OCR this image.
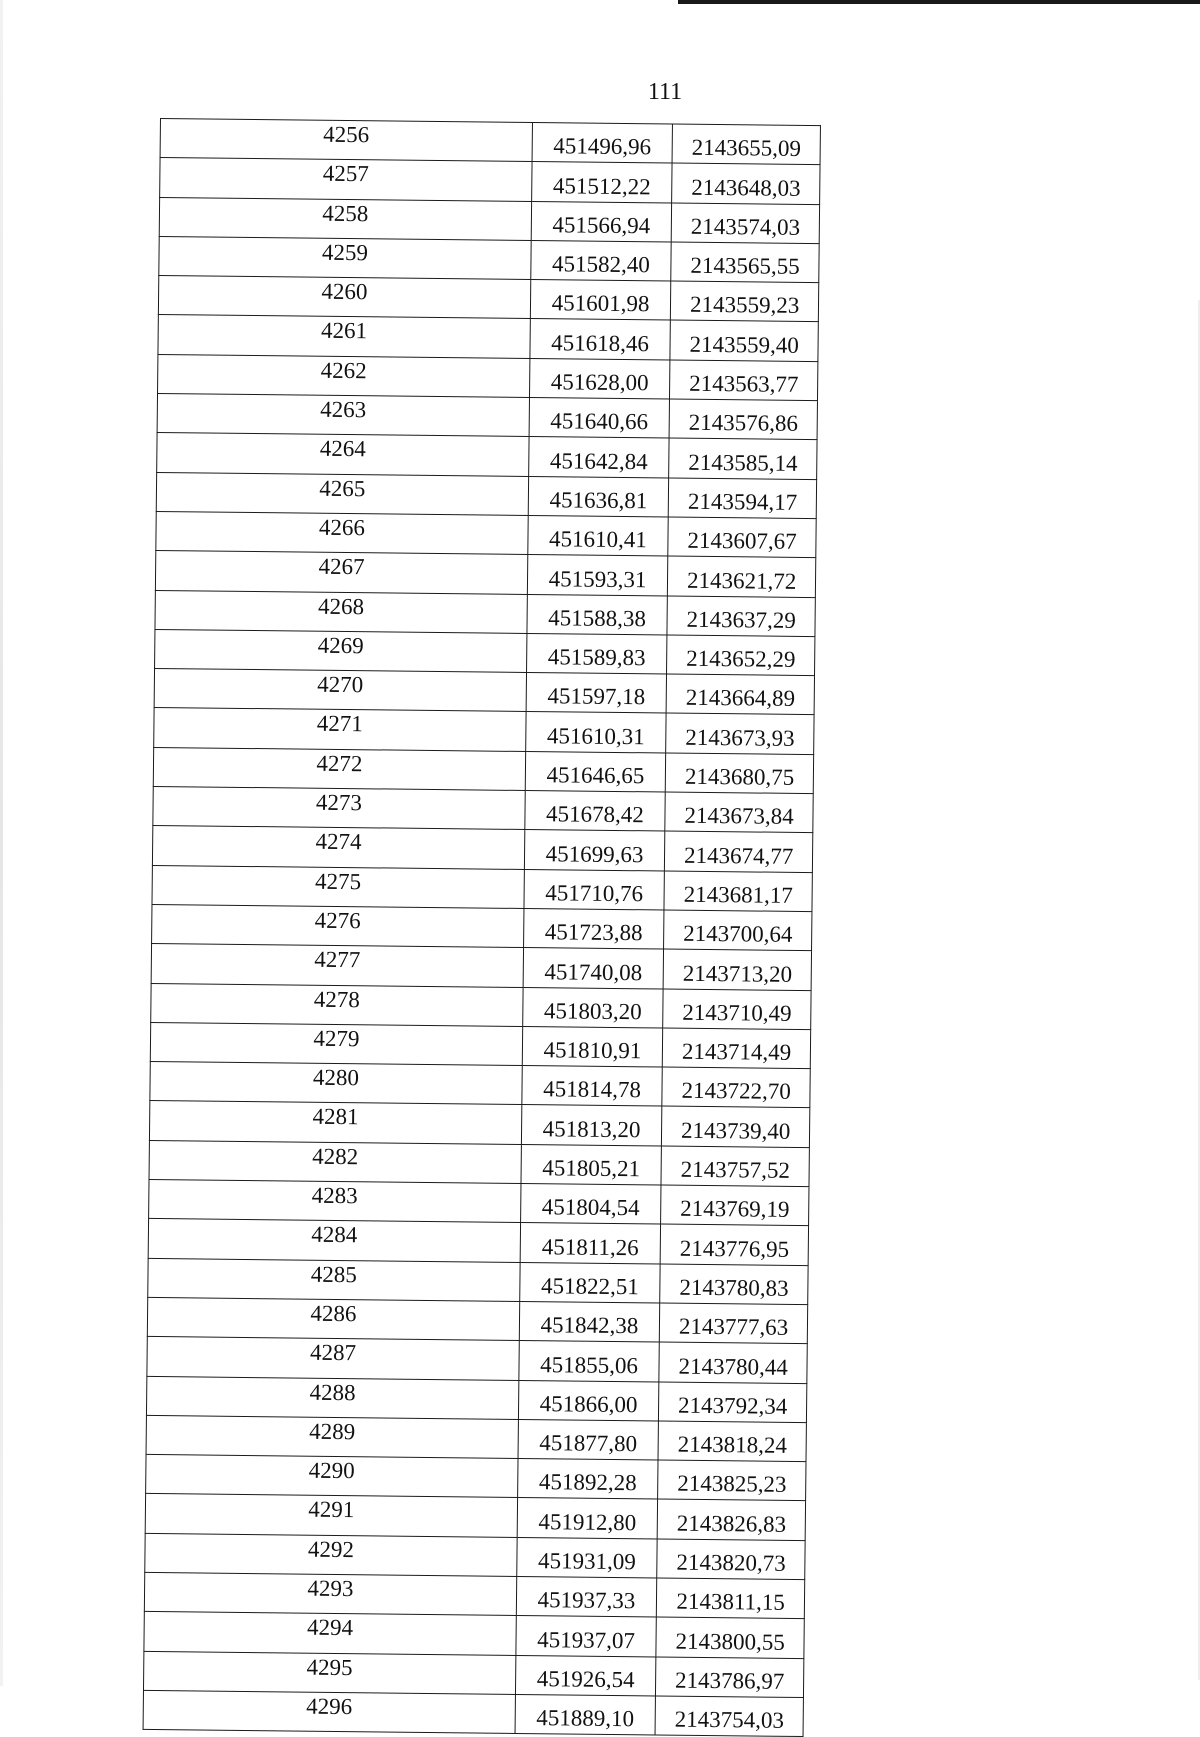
111
4256	451496,96	2143655,09
4257	451512,22	2143648,03
4258	451566,94	2143574,03
4259	451582,40	2143565,55
4260	451601,98	2143559,23
4261	451618,46	2143559,40
4262	451628,00	2143563,77
4263	451640,66	2143576,86
4264	451642,84	2143585,14
4265	451636,81	2143594,17
4266	451610,41	2143607,67
4267	451593,31	2143621,72
4268	451588,38	2143637,29
4269	451589,83	2143652,29
4270	451597,18	2143664,89
4271	451610,31	2143673,93
4272	451646,65	2143680,75
4273	451678,42	2143673,84
4274	451699,63	2143674,77
4275	451710,76	2143681,17
4276	451723,88	2143700,64
4277	451740,08	2143713,20
4278	451803,20	2143710,49
4279	451810,91	2143714,49
4280	451814,78	2143722,70
4281	451813,20	2143739,40
4282	451805,21	2143757,52
4283	451804,54	2143769,19
4284	451811,26	2143776,95
4285	451822,51	2143780,83
4286	451842,38	2143777,63
4287	451855,06	2143780,44
4288	451866,00	2143792,34
4289	451877,80	2143818,24
4290	451892,28	2143825,23
4291	451912,80	2143826,83
4292	451931,09	2143820,73
4293	451937,33	2143811,15
4294	451937,07	2143800,55
4295	451926,54	2143786,97
4296	451889,10	2143754,03
